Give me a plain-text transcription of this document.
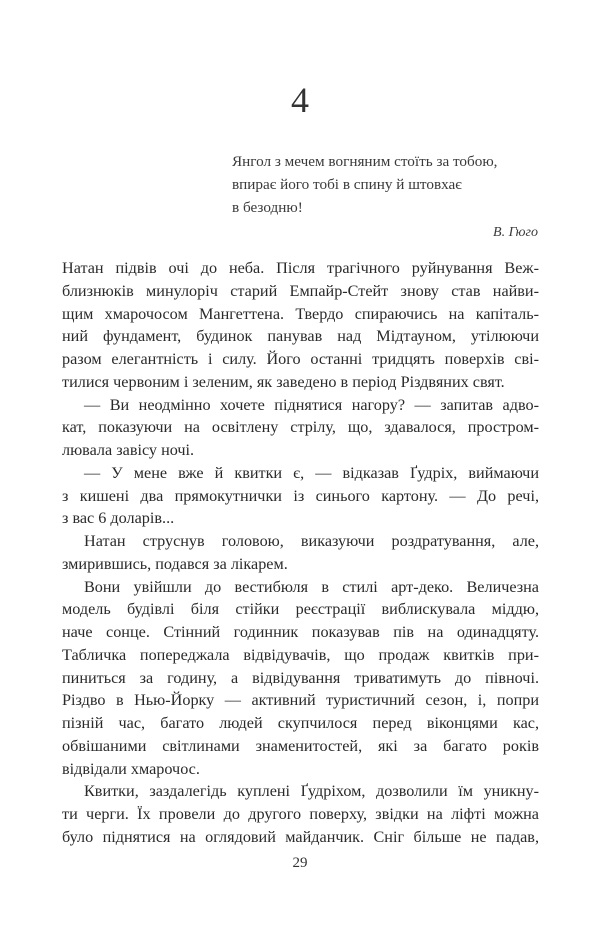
4
Янгол з мечем вогняним стоїть за тобою,
впирає його тобі в спину й штовхає
в безодню!
В. Гюго
Натан підвів очі до неба. Після трагічного руйнування Веж-
близнюків минулоріч старий Емпайр-Стейт знову став найви-
щим хмарочосом Мангеттена. Твердо спираючись на капіталь-
ний фундамент, будинок панував над Мідтауном, утілюючи
разом елегантність і силу. Його останні тридцять поверхів сві-
тилися червоним і зеленим, як заведено в період Різдвяних свят.
— Ви неодмінно хочете піднятися нагору? — запитав адво-
кат, показуючи на освітлену стрілу, що, здавалося, простром-
лювала завісу ночі.
— У мене вже й квитки є, — відказав Ґудріх, виймаючи
з кишені два прямокутнички із синього картону. — До речі,
з вас 6 доларів...
Натан струснув головою, виказуючи роздратування, але,
змирившись, подався за лікарем.
Вони увійшли до вестибюля в стилі арт-деко. Величезна
модель будівлі біля стійки реєстрації виблискувала міддю,
наче сонце. Стінний годинник показував пів на одинадцяту.
Табличка попереджала відвідувачів, що продаж квитків при-
пиниться за годину, а відвідування триватимуть до півночі.
Різдво в Нью-Йорку — активний туристичний сезон, і, попри
пізній час, багато людей скупчилося перед віконцями кас,
обвішаними світлинами знаменитостей, які за багато років
відвідали хмарочос.
Квитки, заздалегідь куплені Ґудріхом, дозволили їм уникну-
ти черги. Їх провели до другого поверху, звідки на ліфті можна
було піднятися на оглядовий майданчик. Сніг більше не падав,
29
